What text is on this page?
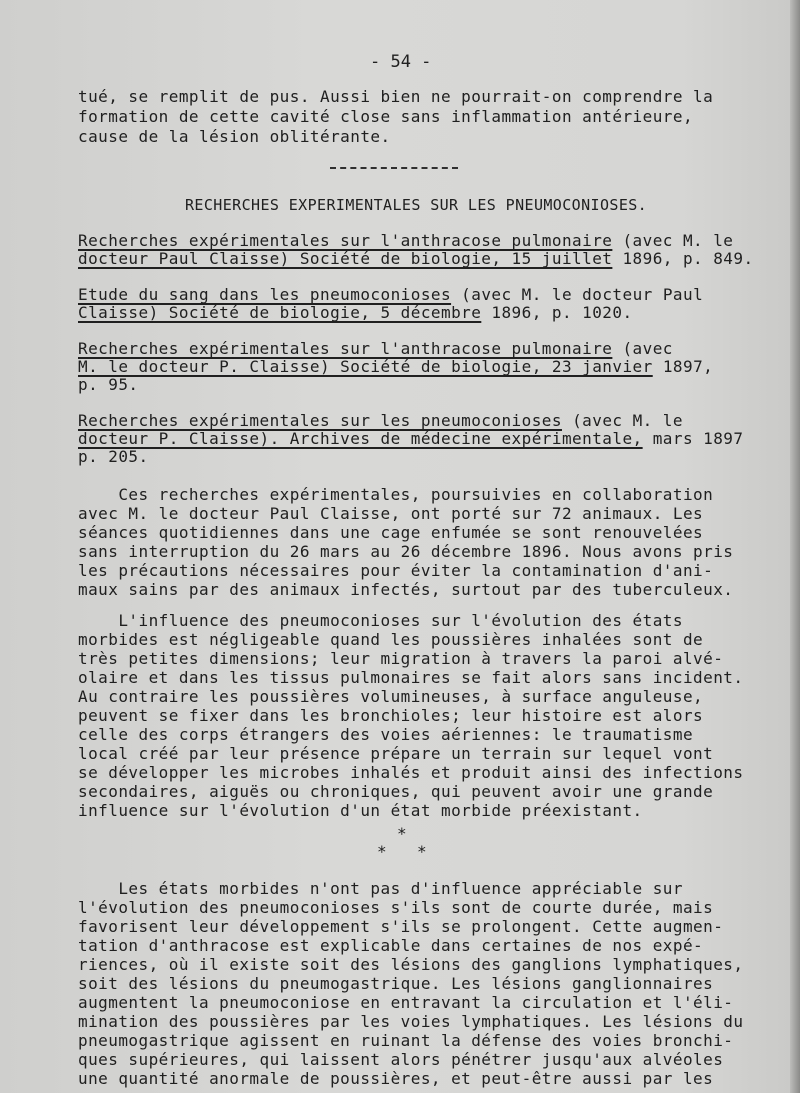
- 54 -
tué, se remplit de pus. Aussi bien ne pourrait-on comprendre la
formation de cette cavité close sans inflammation antérieure,
cause de la lésion oblitérante.
RECHERCHES EXPERIMENTALES SUR LES PNEUMOCONIOSES.
Recherches expérimentales sur l'anthracose pulmonaire (avec M. le
docteur Paul Claisse) Société de biologie, 15 juillet 1896, p. 849.
Etude du sang dans les pneumoconioses (avec M. le docteur Paul
Claisse) Société de biologie, 5 décembre 1896, p. 1020.
Recherches expérimentales sur l'anthracose pulmonaire (avec
M. le docteur P. Claisse) Société de biologie, 23 janvier 1897,
p. 95.
Recherches expérimentales sur les pneumoconioses (avec M. le
docteur P. Claisse). Archives de médecine expérimentale, mars 1897
p. 205.
Ces recherches expérimentales, poursuivies en collaboration
avec M. le docteur Paul Claisse, ont porté sur 72 animaux. Les
séances quotidiennes dans une cage enfumée se sont renouvelées
sans interruption du 26 mars au 26 décembre 1896. Nous avons pris
les précautions nécessaires pour éviter la contamination d'ani-
maux sains par des animaux infectés, surtout par des tuberculeux.
L'influence des pneumoconioses sur l'évolution des états
morbides est négligeable quand les poussières inhalées sont de
très petites dimensions; leur migration à travers la paroi alvé-
olaire et dans les tissus pulmonaires se fait alors sans incident.
Au contraire les poussières volumineuses, à surface anguleuse,
peuvent se fixer dans les bronchioles; leur histoire est alors
celle des corps étrangers des voies aériennes: le traumatisme
local créé par leur présence prépare un terrain sur lequel vont
se développer les microbes inhalés et produit ainsi des infections
secondaires, aiguës ou chroniques, qui peuvent avoir une grande
influence sur l'évolution d'un état morbide préexistant.
*
* *
Les états morbides n'ont pas d'influence appréciable sur
l'évolution des pneumoconioses s'ils sont de courte durée, mais
favorisent leur développement s'ils se prolongent. Cette augmen-
tation d'anthracose est explicable dans certaines de nos expé-
riences, où il existe soit des lésions des ganglions lymphatiques,
soit des lésions du pneumogastrique. Les lésions ganglionnaires
augmentent la pneumoconiose en entravant la circulation et l'éli-
mination des poussières par les voies lymphatiques. Les lésions du
pneumogastrique agissent en ruinant la défense des voies bronchi-
ques supérieures, qui laissent alors pénétrer jusqu'aux alvéoles
une quantité anormale de poussières, et peut-être aussi par les
